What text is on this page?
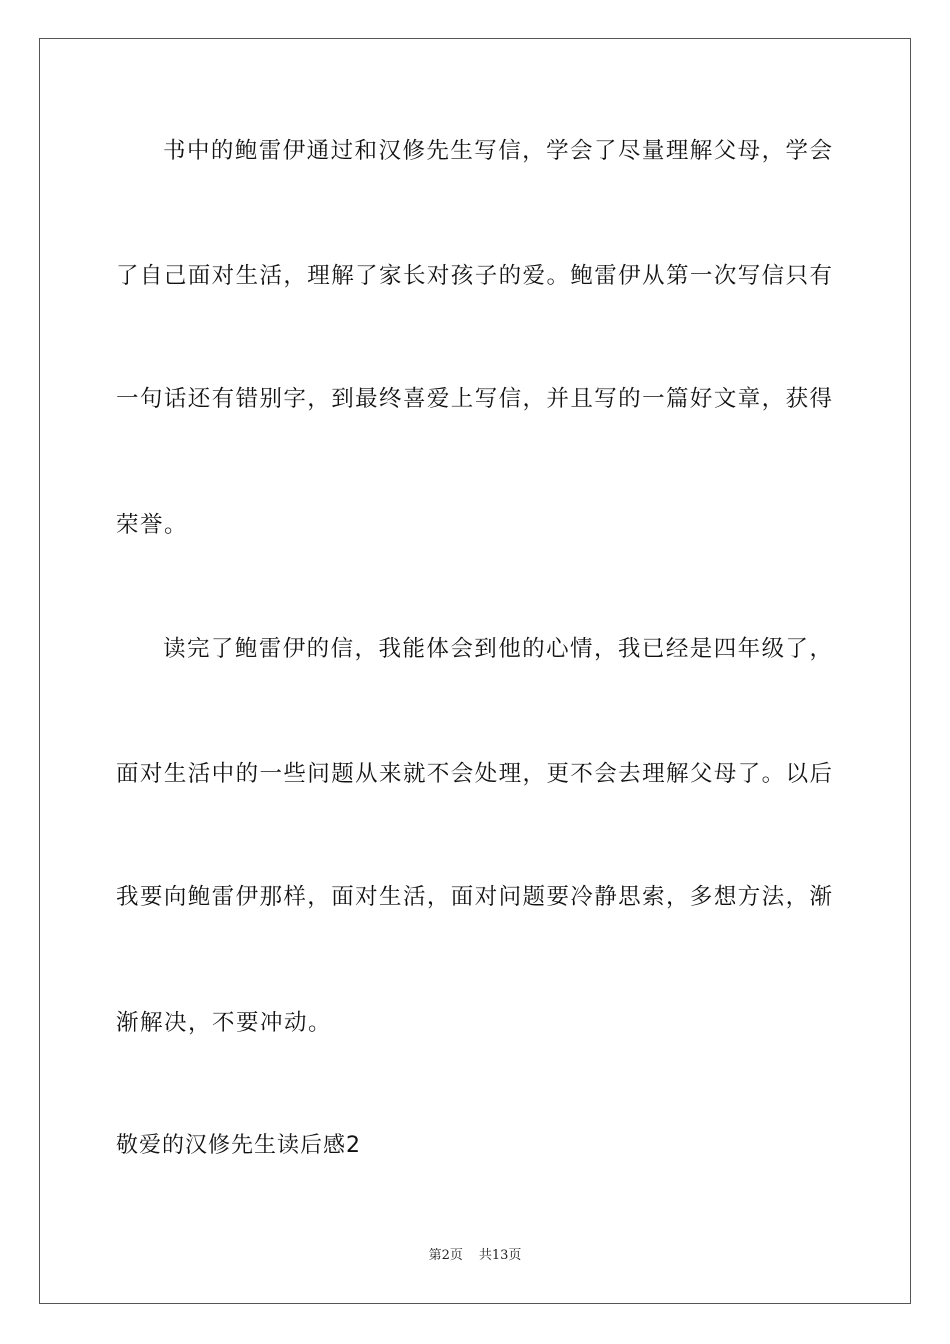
书中的鲍雷伊通过和汉修先生写信，学会了尽量理解父母，学会
了自己面对生活，理解了家长对孩子的爱。鲍雷伊从第一次写信只有
一句话还有错别字，到最终喜爱上写信，并且写的一篇好文章，获得
荣誉。
读完了鲍雷伊的信，我能体会到他的心情，我已经是四年级了，
面对生活中的一些问题从来就不会处理，更不会去理解父母了。以后
我要向鲍雷伊那样，面对生活，面对问题要冷静思索，多想方法，渐
渐解决，不要冲动。
敬爱的汉修先生读后感2
第2页 共13页
